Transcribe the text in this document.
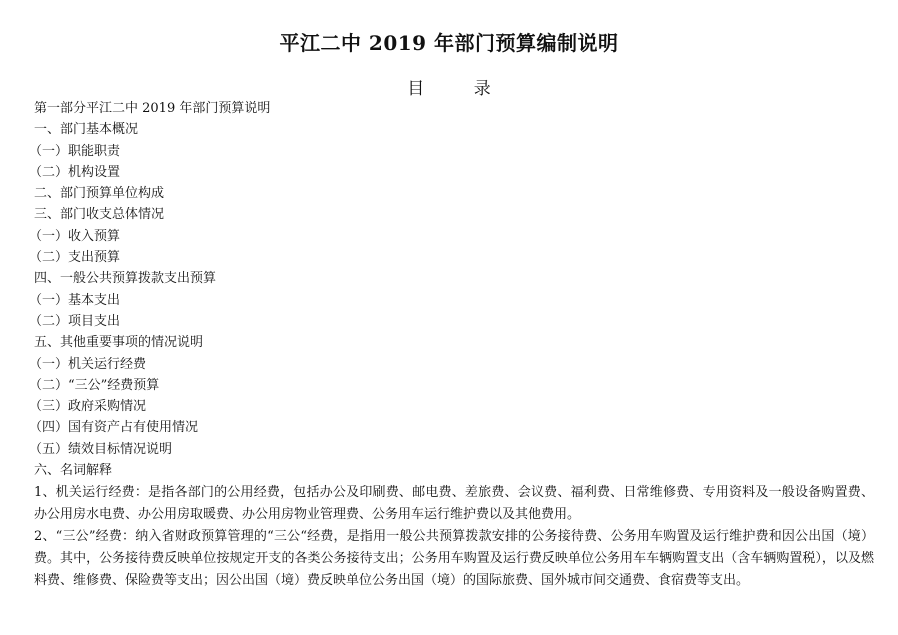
平江二中 2019 年部门预算编制说明
目 录
第一部分平江二中 2019 年部门预算说明
一、部门基本概况
（一）职能职责
（二）机构设置
二、部门预算单位构成
三、部门收支总体情况
（一）收入预算
（二）支出预算
四、一般公共预算拨款支出预算
（一）基本支出
（二）项目支出
五、其他重要事项的情况说明
（一）机关运行经费
（二）“三公”经费预算
（三）政府采购情况
（四）国有资产占有使用情况
（五）绩效目标情况说明
六、名词解释

1、机关运行经费：是指各部门的公用经费，包括办公及印刷费、邮电费、差旅费、会议费、福利费、日常维修费、专用资料及一般设备购置费、办公用房水电费、办公用房取暖费、办公用房物业管理费、公务用车运行维护费以及其他费用。

2、“三公”经费：纳入省财政预算管理的“三公“经费，是指用一般公共预算拨款安排的公务接待费、公务用车购置及运行维护费和因公出国（境）费。其中，公务接待费反映单位按规定开支的各类公务接待支出；公务用车购置及运行费反映单位公务用车车辆购置支出（含车辆购置税），以及燃料费、维修费、保险费等支出；因公出国（境）费反映单位公务出国（境）的国际旅费、国外城市间交通费、食宿费等支出。
